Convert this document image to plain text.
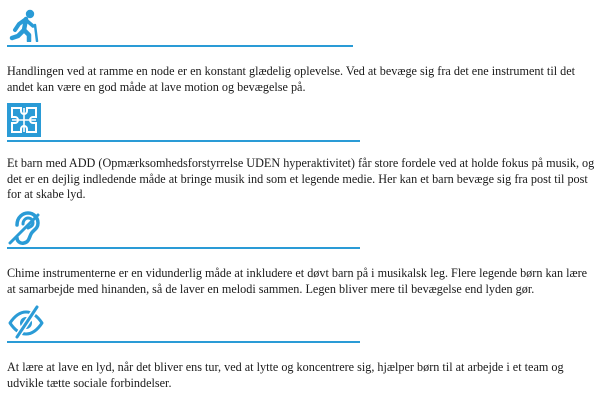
Handlingen ved at ramme en node er en konstant glædelig oplevelse. Ved at bevæge sig fra det ene instrument til det andet kan være en god måde at lave motion og bevægelse på.

Et barn med ADD (Opmærksomhedsforstyrrelse UDEN hyperaktivitet) får store fordele ved at holde fokus på musik, og det er en dejlig indledende måde at bringe musik ind som et legende medie. Her kan et barn bevæge sig fra post til post for at skabe lyd.

Chime instrumenterne er en vidunderlig måde at inkludere et døvt barn på i musikalsk leg. Flere legende børn kan lære at samarbejde med hinanden, så de laver en melodi sammen. Legen bliver mere til bevægelse end lyden gør.

At lære at lave en lyd, når det bliver ens tur, ved at lytte og koncentrere sig, hjælper børn til at arbejde i et team og udvikle tætte sociale forbindelser.
